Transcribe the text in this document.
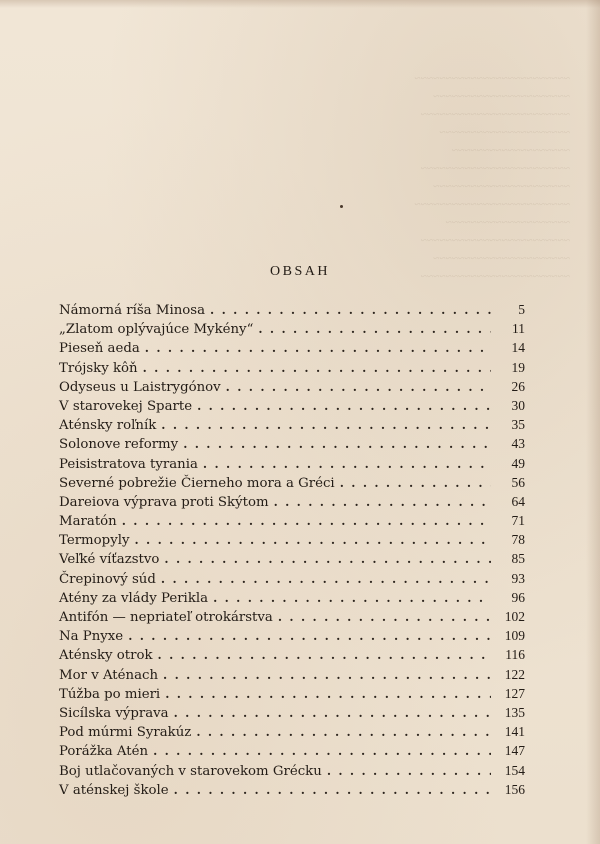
~~~~~~~~~~~~~~~~~~~~~~~~~
~~~~~~~~~~~~~~~~~~~~~~
~~~~~~~~~~~~~~~~~~~~~~~~
~~~~~~~~~~~~~~~~~~~~~
~~~~~~~~~~~~~~~~~~~
~~~~~~~~~~~~~~~~~~~~~~~~
~~~~~~~~~~~~~~~~~~~~~~
~~~~~~~~~~~~~~~~~~~~~~~~~
~~~~~~~~~~~~~~~~~~~~
~~~~~~~~~~~~~~~~~~~~~~~~
~~~~~~~~~~~~~~~~~~~~~~
~~~~~~~~~~~~~~~~~~~~~~~~
OBSAH
Námorná ríša Minosa . . .	5
„Zlatom oplývajúce Mykény“ . . .	11
Pieseň aeda . . .	14
Trójsky kôň . . .	19
Odyseus u Laistrygónov . . .	26
V starovekej Sparte . . .	30
Aténsky roľník . . .	35
Solonove reformy . . .	43
Peisistratova tyrania . . .	49
Severné pobrežie Čierneho mora a Gréci . . .	56
Dareiova výprava proti Skýtom . . .	64
Maratón . . .	71
Termopyly . . .	78
Veľké víťazstvo . . .	85
Črepinový súd . . .	93
Atény za vlády Perikla . . .	96
Antifón — nepriateľ otrokárstva . . .	102
Na Pnyxe . . .	109
Aténsky otrok . . .	116
Mor v Aténach . . .	122
Túžba po mieri . . .	127
Sicílska výprava . . .	135
Pod múrmi Syrakúz . . .	141
Porážka Atén . . .	147
Boj utlačovaných v starovekom Grécku . . .	154
V aténskej škole . . .	156
